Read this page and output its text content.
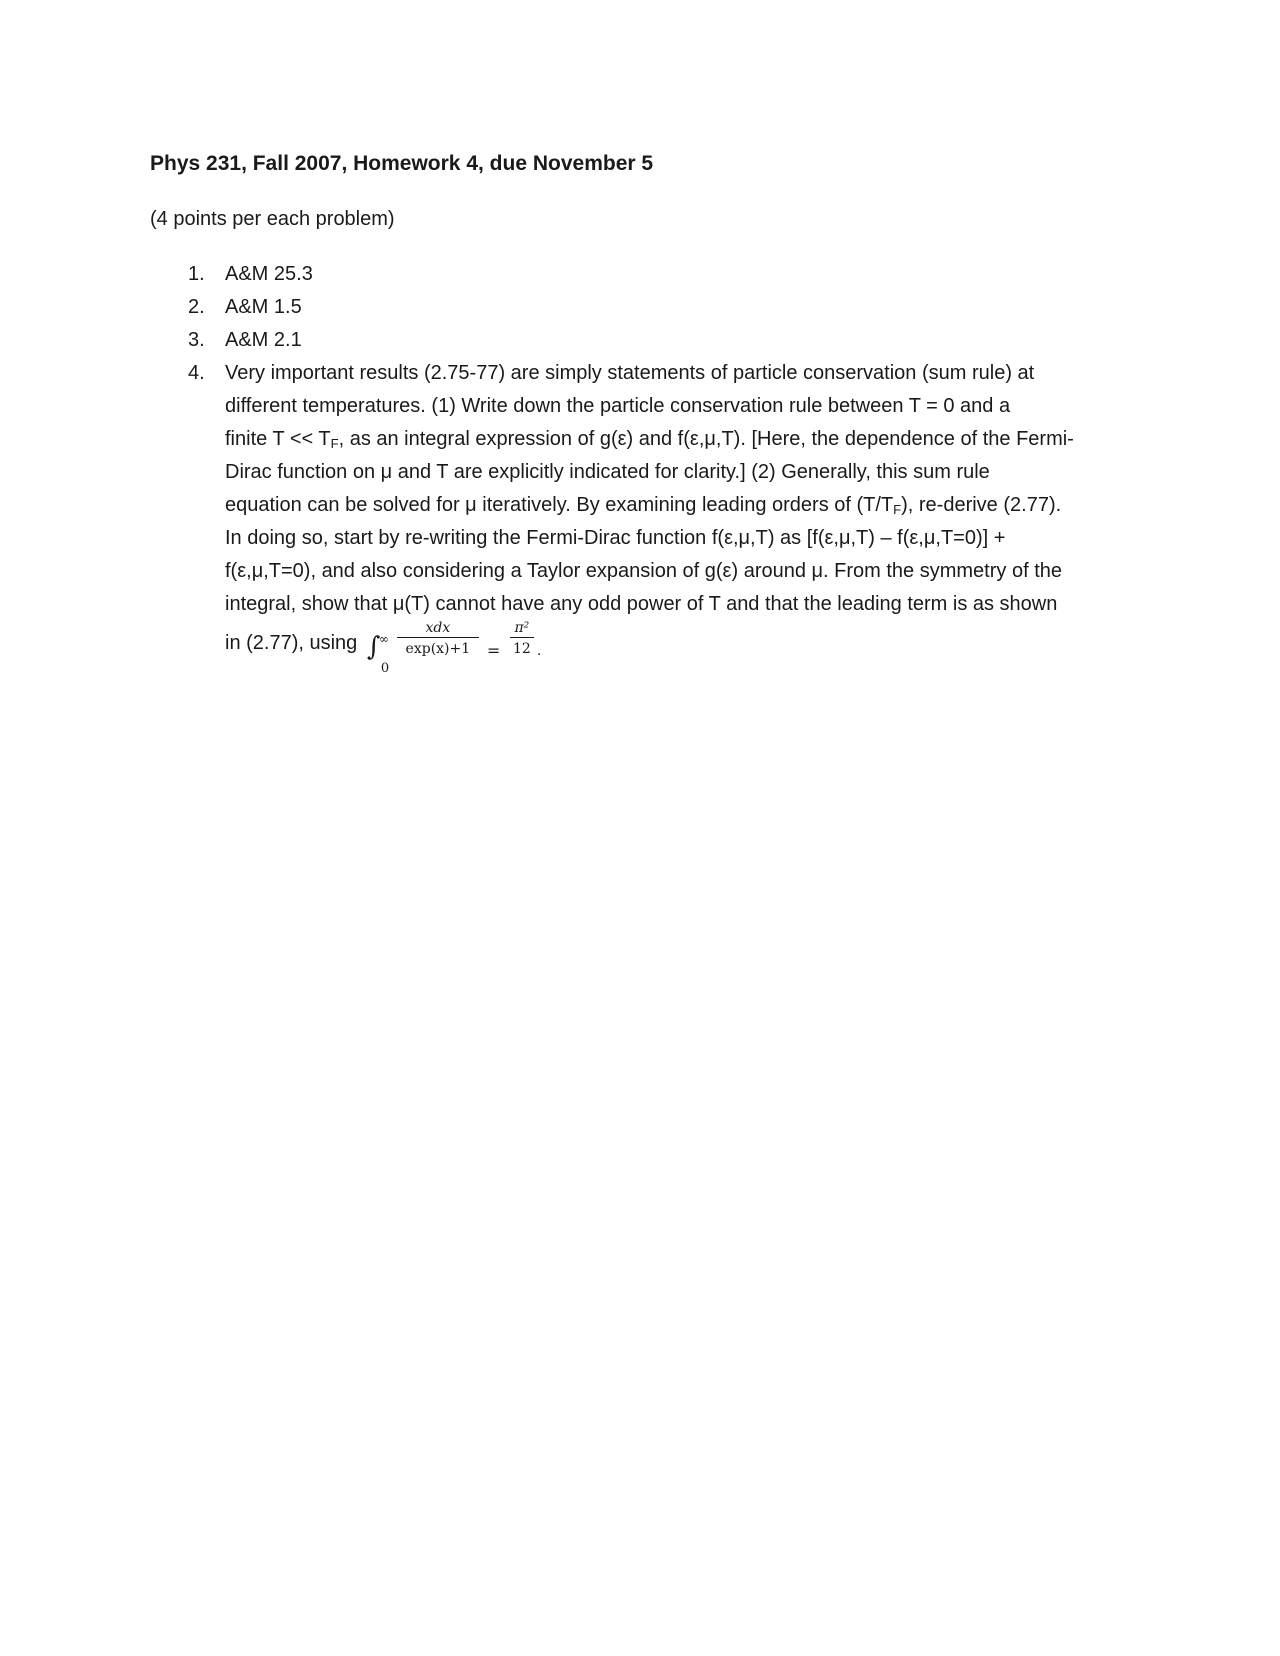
Phys 231, Fall 2007, Homework 4, due November 5
(4 points per each problem)
1.	A&M 25.3
2.	A&M 1.5
3.	A&M 2.1
4.	Very important results (2.75-77) are simply statements of particle conservation (sum rule) at
different temperatures. (1) Write down the particle conservation rule between T = 0 and a
finite $T << T_F$, as an integral expression of g(ε) and f(ε,μ,T). [Here, the dependence of the Fermi-
Dirac function on μ and T are explicitly indicated for clarity.] (2) Generally, this sum rule
equation can be solved for μ iteratively. By examining leading orders of $(T/T_F)$, re-derive (2.77).
In doing so, start by re-writing the Fermi-Dirac function f(ε,μ,T) as [f(ε,μ,T) – f(ε,μ,T=0)] +
f(ε,μ,T=0), and also considering a Taylor expansion of g(ε) around μ. From the symmetry of the
integral, show that μ(T) cannot have any odd power of T and that the leading term is as shown
in (2.77), using ∫
∞
0
xdx
exp(x)+1	= $\frac{\text{π²}}{12}$ .
